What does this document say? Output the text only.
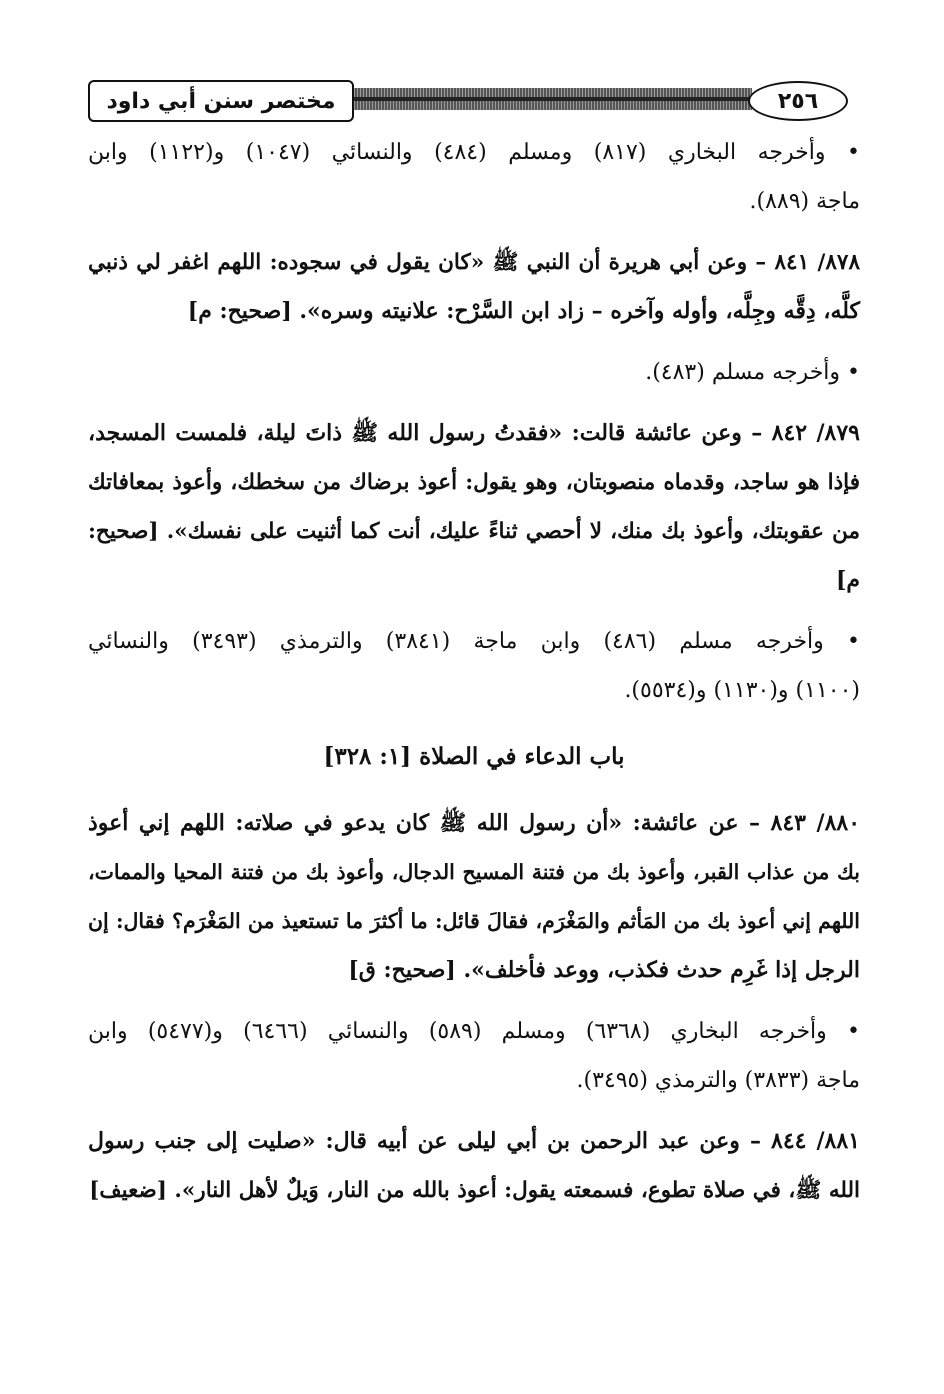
مختصر سنن أبي داود	٢٥٦
• وأخرجه البخاري (٨١٧) ومسلم (٤٨٤) والنسائي (١٠٤٧) و(١١٢٢) وابن
ماجة (٨٨٩).
٨٧٨/ ٨٤١ – وعن أبي هريرة أن النبي ﷺ «كان يقول في سجوده: اللهم اغفر لي ذنبي
كلَّه، دِقَّه وجِلَّه، وأوله وآخره – زاد ابن السَّرْح: علانيته وسره». [صحيح: م]
• وأخرجه مسلم (٤٨٣).
٨٧٩/ ٨٤٢ – وعن عائشة قالت: «فقدتُ رسول الله ﷺ ذاتَ ليلة، فلمست المسجد،
فإذا هو ساجد، وقدماه منصوبتان، وهو يقول: أعوذ برضاك من سخطك، وأعوذ بمعافاتك
من عقوبتك، وأعوذ بك منك، لا أحصي ثناءً عليك، أنت كما أثنيت على نفسك». [صحيح:
م]
• وأخرجه مسلم (٤٨٦) وابن ماجة (٣٨٤١) والترمذي (٣٤٩٣) والنسائي
(١١٠٠) و(١١٣٠) و(٥٥٣٤).
باب الدعاء في الصلاة [١: ٣٢٨]
٨٨٠/ ٨٤٣ – عن عائشة: «أن رسول الله ﷺ كان يدعو في صلاته: اللهم إني أعوذ
بك من عذاب القبر، وأعوذ بك من فتنة المسيح الدجال، وأعوذ بك من فتنة المحيا والممات،
اللهم إني أعوذ بك من المَأثم والمَغْرَم، فقالَ قائل: ما أكثرَ ما تستعيذ من المَغْرَم؟ فقال: إن
الرجل إذا غَرِم حدث فكذب، ووعد فأخلف». [صحيح: ق]
• وأخرجه البخاري (٦٣٦٨) ومسلم (٥٨٩) والنسائي (٦٤٦٦) و(٥٤٧٧) وابن
ماجة (٣٨٣٣) والترمذي (٣٤٩٥).
٨٨١/ ٨٤٤ – وعن عبد الرحمن بن أبي ليلى عن أبيه قال: «صليت إلى جنب رسول
الله ﷺ، في صلاة تطوع، فسمعته يقول: أعوذ بالله من النار، وَيلٌ لأهل النار». [ضعيف]
